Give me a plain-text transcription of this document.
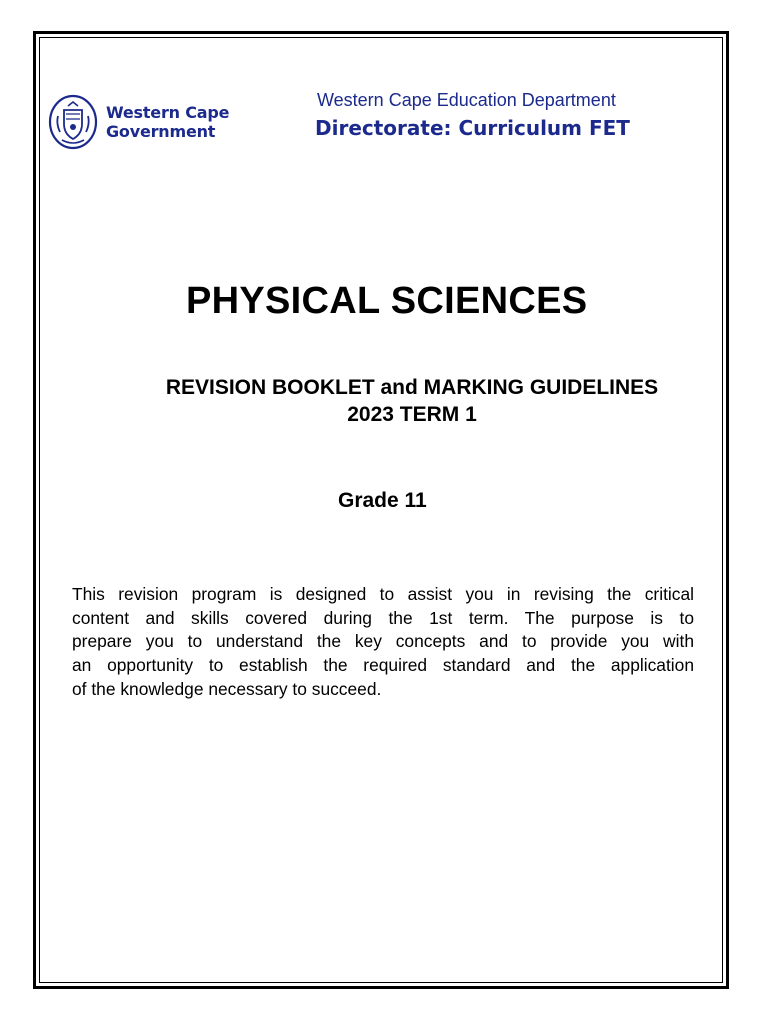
Western Cape
Government
Western Cape Education Department
Directorate: Curriculum FET
PHYSICAL SCIENCES
REVISION BOOKLET and MARKING GUIDELINES
2023 TERM 1
Grade 11
This revision program is designed to assist you in revising the critical
content and skills covered during the 1st term. The purpose is to
prepare you to understand the key concepts and to provide you with
an opportunity to establish the required standard and the application
of the knowledge necessary to succeed.
